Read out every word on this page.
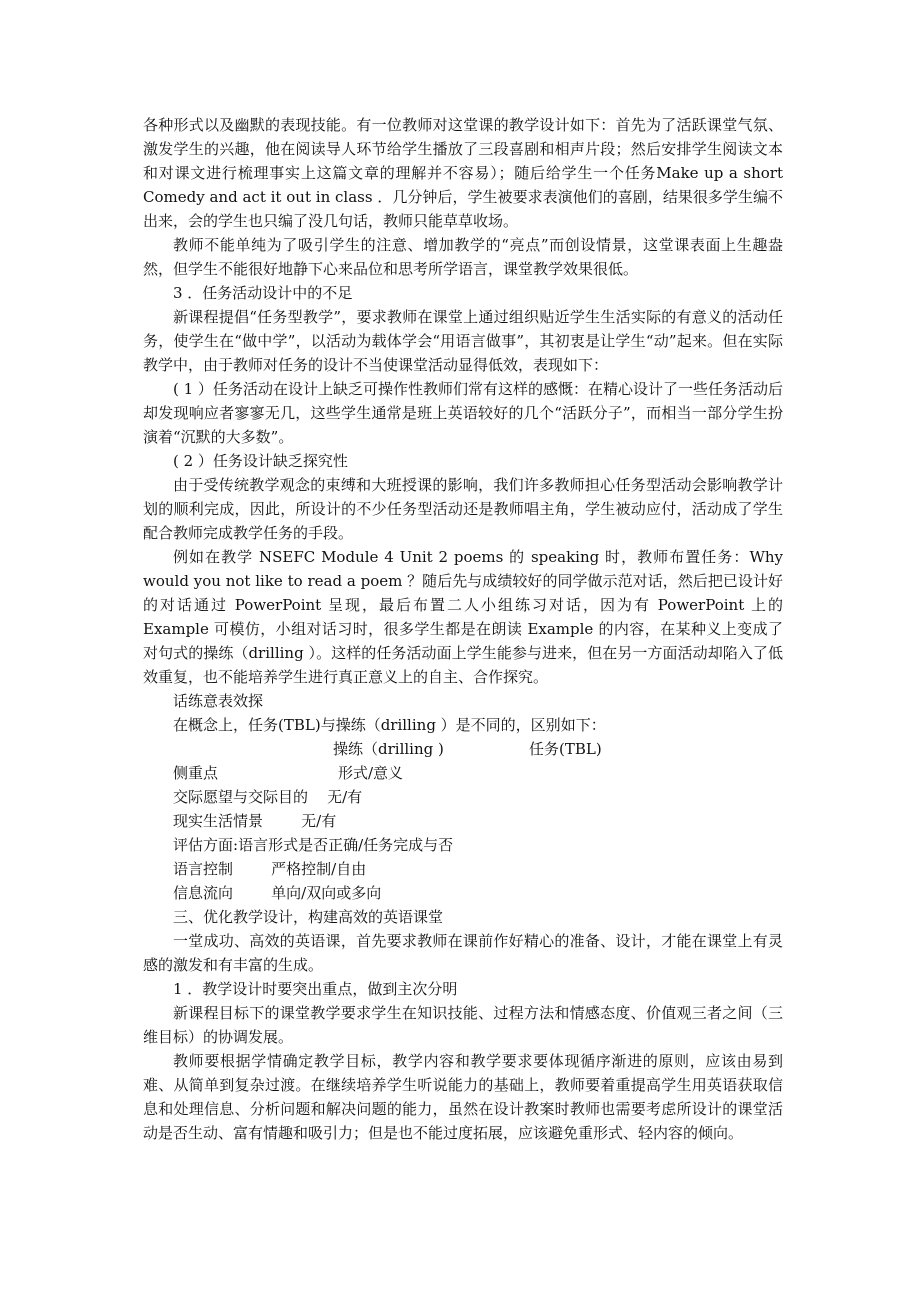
各种形式以及幽默的表现技能。有一位教师对这堂课的教学设计如下：首先为了活跃课堂气氛、激发学生的兴趣，他在阅读导人环节给学生播放了三段喜剧和相声片段；然后安排学生阅读文本和对课文进行梳理事实上这篇文章的理解并不容易）；随后给学生一个任务Make up a short Comedy and act it out in class ．几分钟后，学生被要求表演他们的喜剧，结果很多学生编不出来，会的学生也只编了没几句话，教师只能草草收场。

教师不能单纯为了吸引学生的注意、增加教学的“亮点”而创设情景，这堂课表面上生趣盎然，但学生不能很好地静下心来品位和思考所学语言，课堂教学效果很低。

3 ．任务活动设计中的不足

新课程提倡“任务型教学”，要求教师在课堂上通过组织贴近学生生活实际的有意义的活动任务，使学生在“做中学”，以活动为载体学会“用语言做事”，其初衷是让学生“动”起来。但在实际教学中，由于教师对任务的设计不当使课堂活动显得低效，表现如下：

( 1 ）任务活动在设计上缺乏可操作性教师们常有这样的感慨：在精心设计了一些任务活动后却发现响应者寥寥无几，这些学生通常是班上英语较好的几个“活跃分子”，而相当一部分学生扮演着“沉默的大多数”。

( 2 ）任务设计缺乏探究性

由于受传统教学观念的束缚和大班授课的影响，我们许多教师担心任务型活动会影响教学计划的顺利完成，因此，所设计的不少任务型活动还是教师唱主角，学生被动应付，活动成了学生配合教师完成教学任务的手段。

例如在教学 NSEFC Module 4 Unit 2 poems 的 speaking 时，教师布置任务：Why would you not like to read a poem ？随后先与成绩较好的同学做示范对话，然后把已设计好的对话通过 PowerPoint 呈现，最后布置二人小组练习对话，因为有 PowerPoint 上的 Example 可模仿，小组对话习时，很多学生都是在朗读 Example 的内容，在某种义上变成了对句式的操练（drilling ）。这样的任务活动面上学生能参与进来，但在另一方面活动却陷入了低效重复，也不能培养学生进行真正意义上的自主、合作探究。

话练意表效探

在概念上，任务(TBL)与操练（drilling ）是不同的，区别如下：

操练（drilling )	任务(TBL)
侧重点	形式/意义
交际愿望与交际目的 无/有
现实生活情景	无/有
评估方面:语言形式是否正确/任务完成与否
语言控制	严格控制/自由
信息流向	单向/双向或多向

三、优化教学设计，构建高效的英语课堂

一堂成功、高效的英语课，首先要求教师在课前作好精心的准备、设计，才能在课堂上有灵感的激发和有丰富的生成。

1 ．教学设计时要突出重点，做到主次分明

新课程目标下的课堂教学要求学生在知识技能、过程方法和情感态度、价值观三者之间（三维目标）的协调发展。

教师要根据学情确定教学目标，教学内容和教学要求要体现循序渐进的原则，应该由易到难、从简单到复杂过渡。在继续培养学生听说能力的基础上，教师要着重提高学生用英语获取信息和处理信息、分析问题和解决问题的能力，虽然在设计教案时教师也需要考虑所设计的课堂活动是否生动、富有情趣和吸引力；但是也不能过度拓展，应该避免重形式、轻内容的倾向。
